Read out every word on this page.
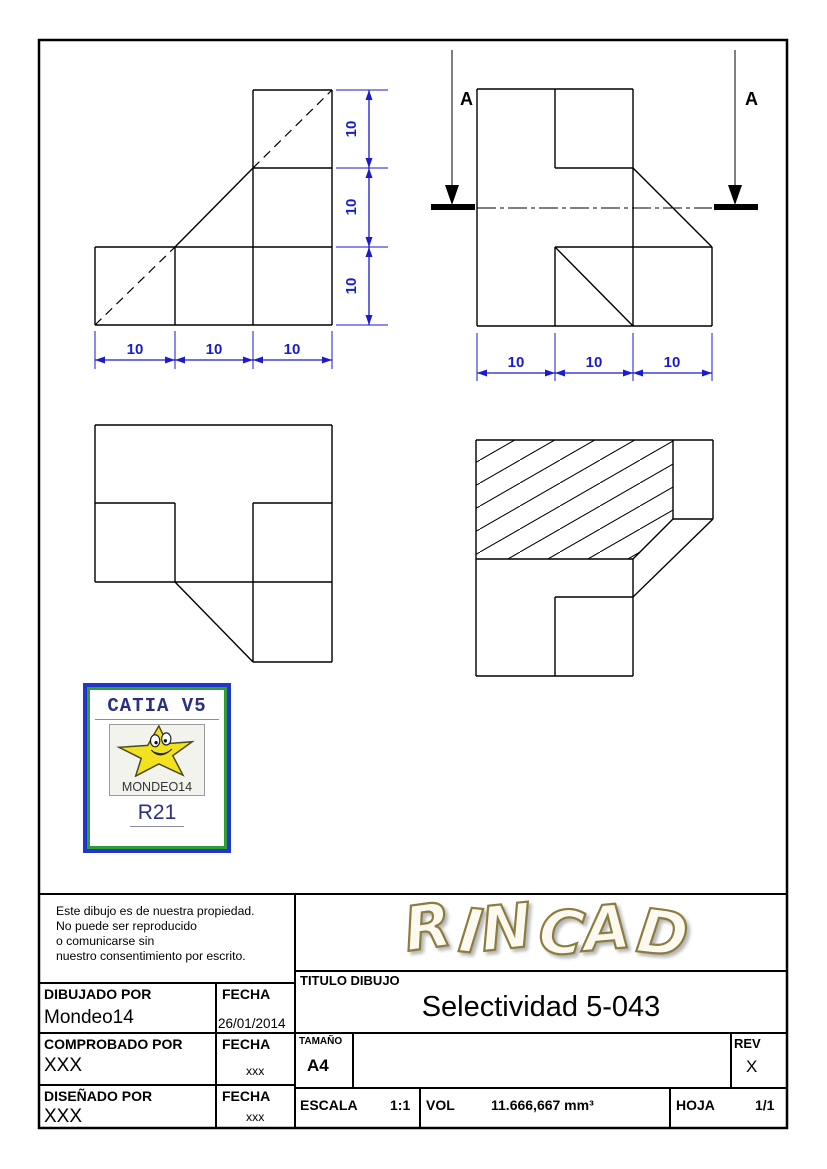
A	A
10	10	10
10
10
10
10	10	10
Este dibujo es de nuestra propiedad.
No puede ser reproducido
o comunicarse sin
nuestro consentimiento por escrito.
DIBUJADO POR	FECHA
Mondeo14	26/01/2014
COMPROBADO POR	FECHA
XXX	xxx
DISEÑADO POR	FECHA
XXX	xxx
TITULO DIBUJO
Selectividad 5-043
TAMAÑO
A4
REV
X
ESCALA 1:1 VOL	11.666,667 mm³	HOJA	1/1
CATIA V5
MONDEO14
R21
RINCAD
